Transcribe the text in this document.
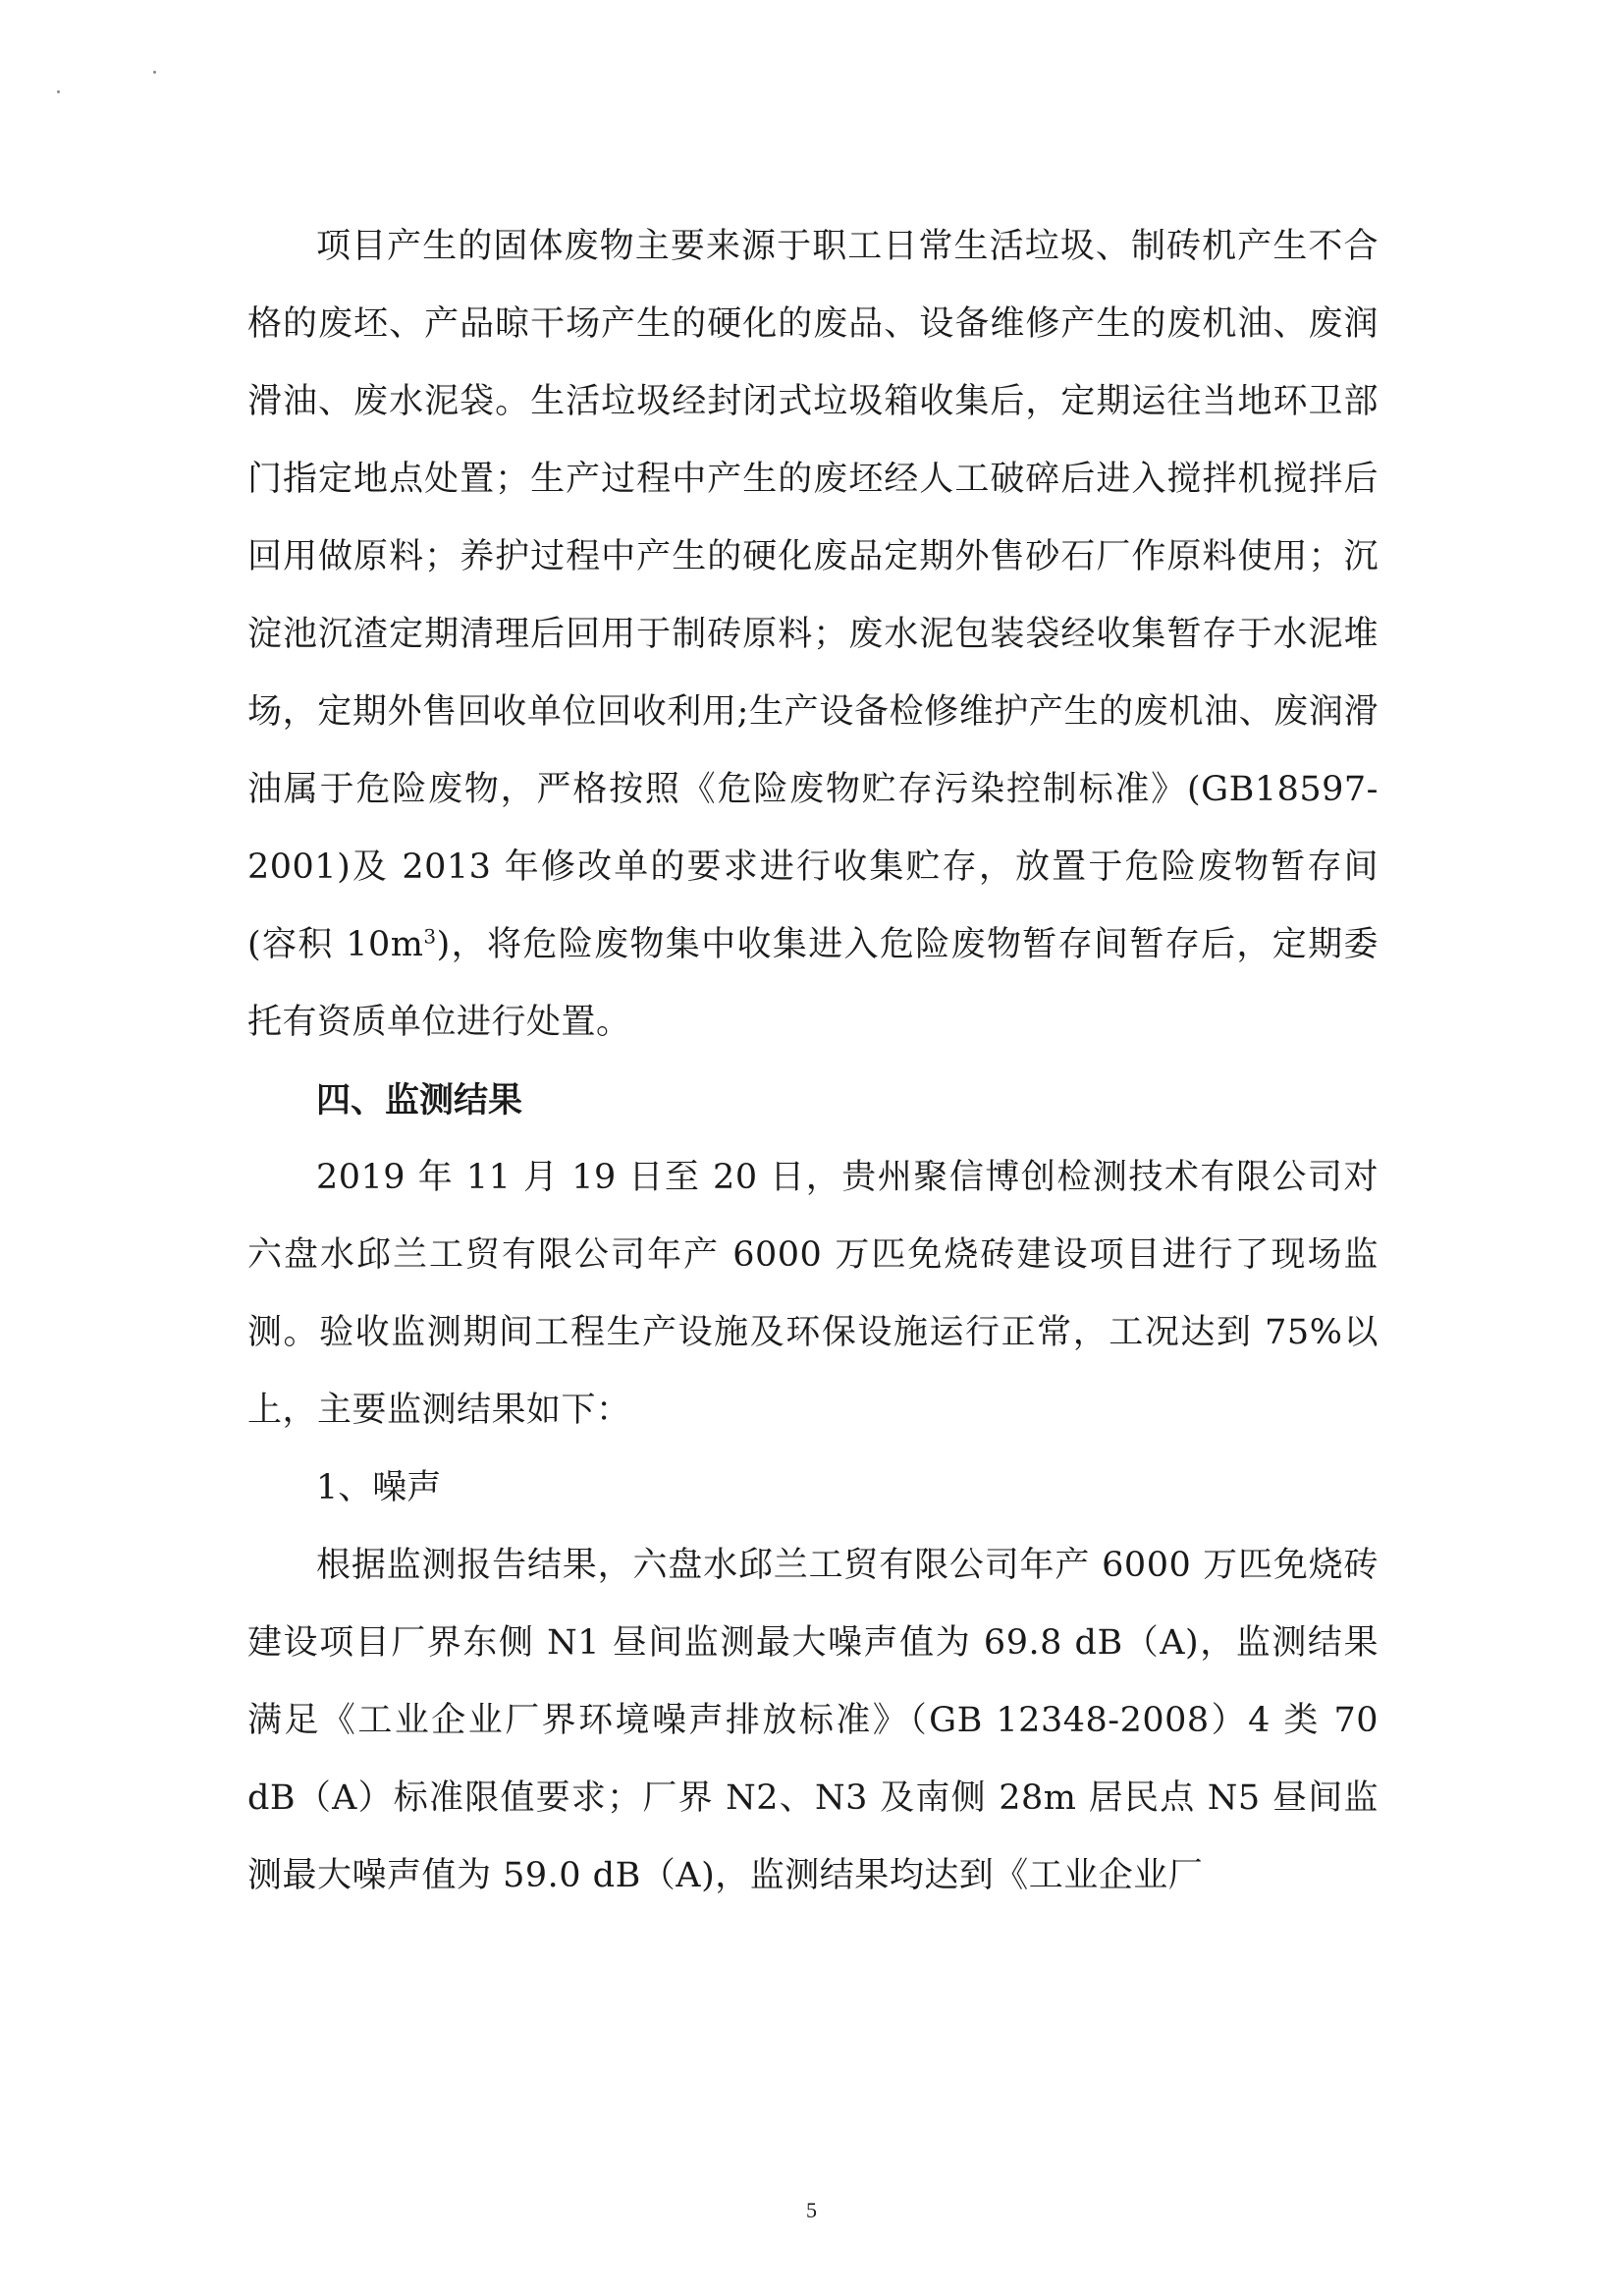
项目产生的固体废物主要来源于职工日常生活垃圾、制砖机产生不合格的废坯、产品晾干场产生的硬化的废品、设备维修产生的废机油、废润滑油、废水泥袋。生活垃圾经封闭式垃圾箱收集后，定期运往当地环卫部门指定地点处置；生产过程中产生的废坯经人工破碎后进入搅拌机搅拌后回用做原料；养护过程中产生的硬化废品定期外售砂石厂作原料使用；沉淀池沉渣定期清理后回用于制砖原料；废水泥包装袋经收集暂存于水泥堆场，定期外售回收单位回收利用;生产设备检修维护产生的废机油、废润滑油属于危险废物，严格按照《危险废物贮存污染控制标准》(GB18597-2001)及 2013 年修改单的要求进行收集贮存，放置于危险废物暂存间(容积 $10m^3$)，将危险废物集中收集进入危险废物暂存间暂存后，定期委托有资质单位进行处置。

四、监测结果

2019 年 11 月 19 日至 20 日，贵州聚信博创检测技术有限公司对六盘水邱兰工贸有限公司年产 6000 万匹免烧砖建设项目进行了现场监测。验收监测期间工程生产设施及环保设施运行正常，工况达到 75%以上，主要监测结果如下：

1、噪声

根据监测报告结果，六盘水邱兰工贸有限公司年产 6000 万匹免烧砖建设项目厂界东侧 N1 昼间监测最大噪声值为 69.8 dB（A)，监测结果满足《工业企业厂界环境噪声排放标准》（GB 12348-2008）4 类 70 dB（A）标准限值要求；厂界 N2、N3 及南侧 28m 居民点 N5 昼间监测最大噪声值为 59.0 dB（A)，监测结果均达到《工业企业厂

5
